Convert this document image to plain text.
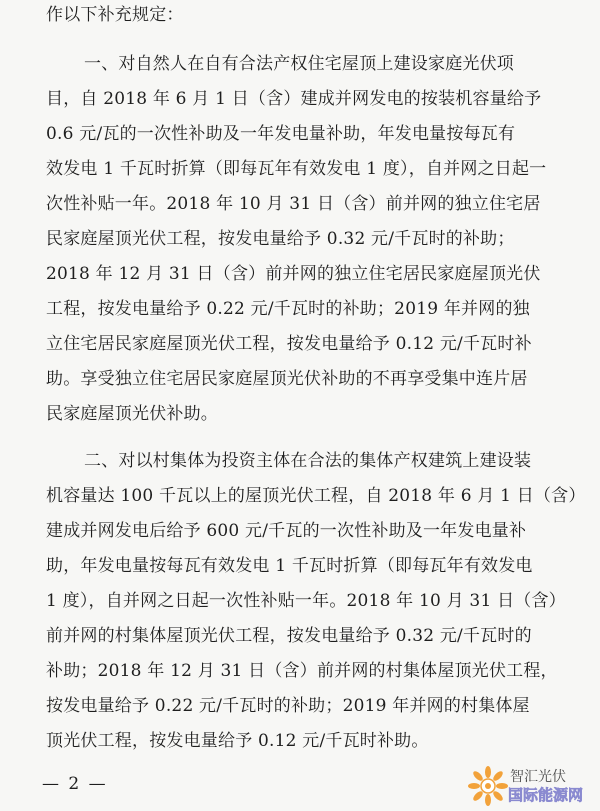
作以下补充规定：
一、对自然人在自有合法产权住宅屋顶上建设家庭光伏项
目，自 2018 年 6 月 1 日（含）建成并网发电的按装机容量给予
0.6 元/瓦的一次性补助及一年发电量补助，年发电量按每瓦有
效发电 1 千瓦时折算（即每瓦年有效发电 1 度），自并网之日起一
次性补贴一年。2018 年 10 月 31 日（含）前并网的独立住宅居
民家庭屋顶光伏工程，按发电量给予 0.32 元/千瓦时的补助；
2018 年 12 月 31 日（含）前并网的独立住宅居民家庭屋顶光伏
工程，按发电量给予 0.22 元/千瓦时的补助；2019 年并网的独
立住宅居民家庭屋顶光伏工程，按发电量给予 0.12 元/千瓦时补
助。享受独立住宅居民家庭屋顶光伏补助的不再享受集中连片居
民家庭屋顶光伏补助。
二、对以村集体为投资主体在合法的集体产权建筑上建设装
机容量达 100 千瓦以上的屋顶光伏工程，自 2018 年 6 月 1 日（含）
建成并网发电后给予 600 元/千瓦的一次性补助及一年发电量补
助，年发电量按每瓦有效发电 1 千瓦时折算（即每瓦年有效发电
1 度），自并网之日起一次性补贴一年。2018 年 10 月 31 日（含）
前并网的村集体屋顶光伏工程，按发电量给予 0.32 元/千瓦时的
补助；2018 年 12 月 31 日（含）前并网的村集体屋顶光伏工程，
按发电量给予 0.22 元/千瓦时的补助；2019 年并网的村集体屋
顶光伏工程，按发电量给予 0.12 元/千瓦时补助。
— 2 —	智汇光伏
国际能源网
